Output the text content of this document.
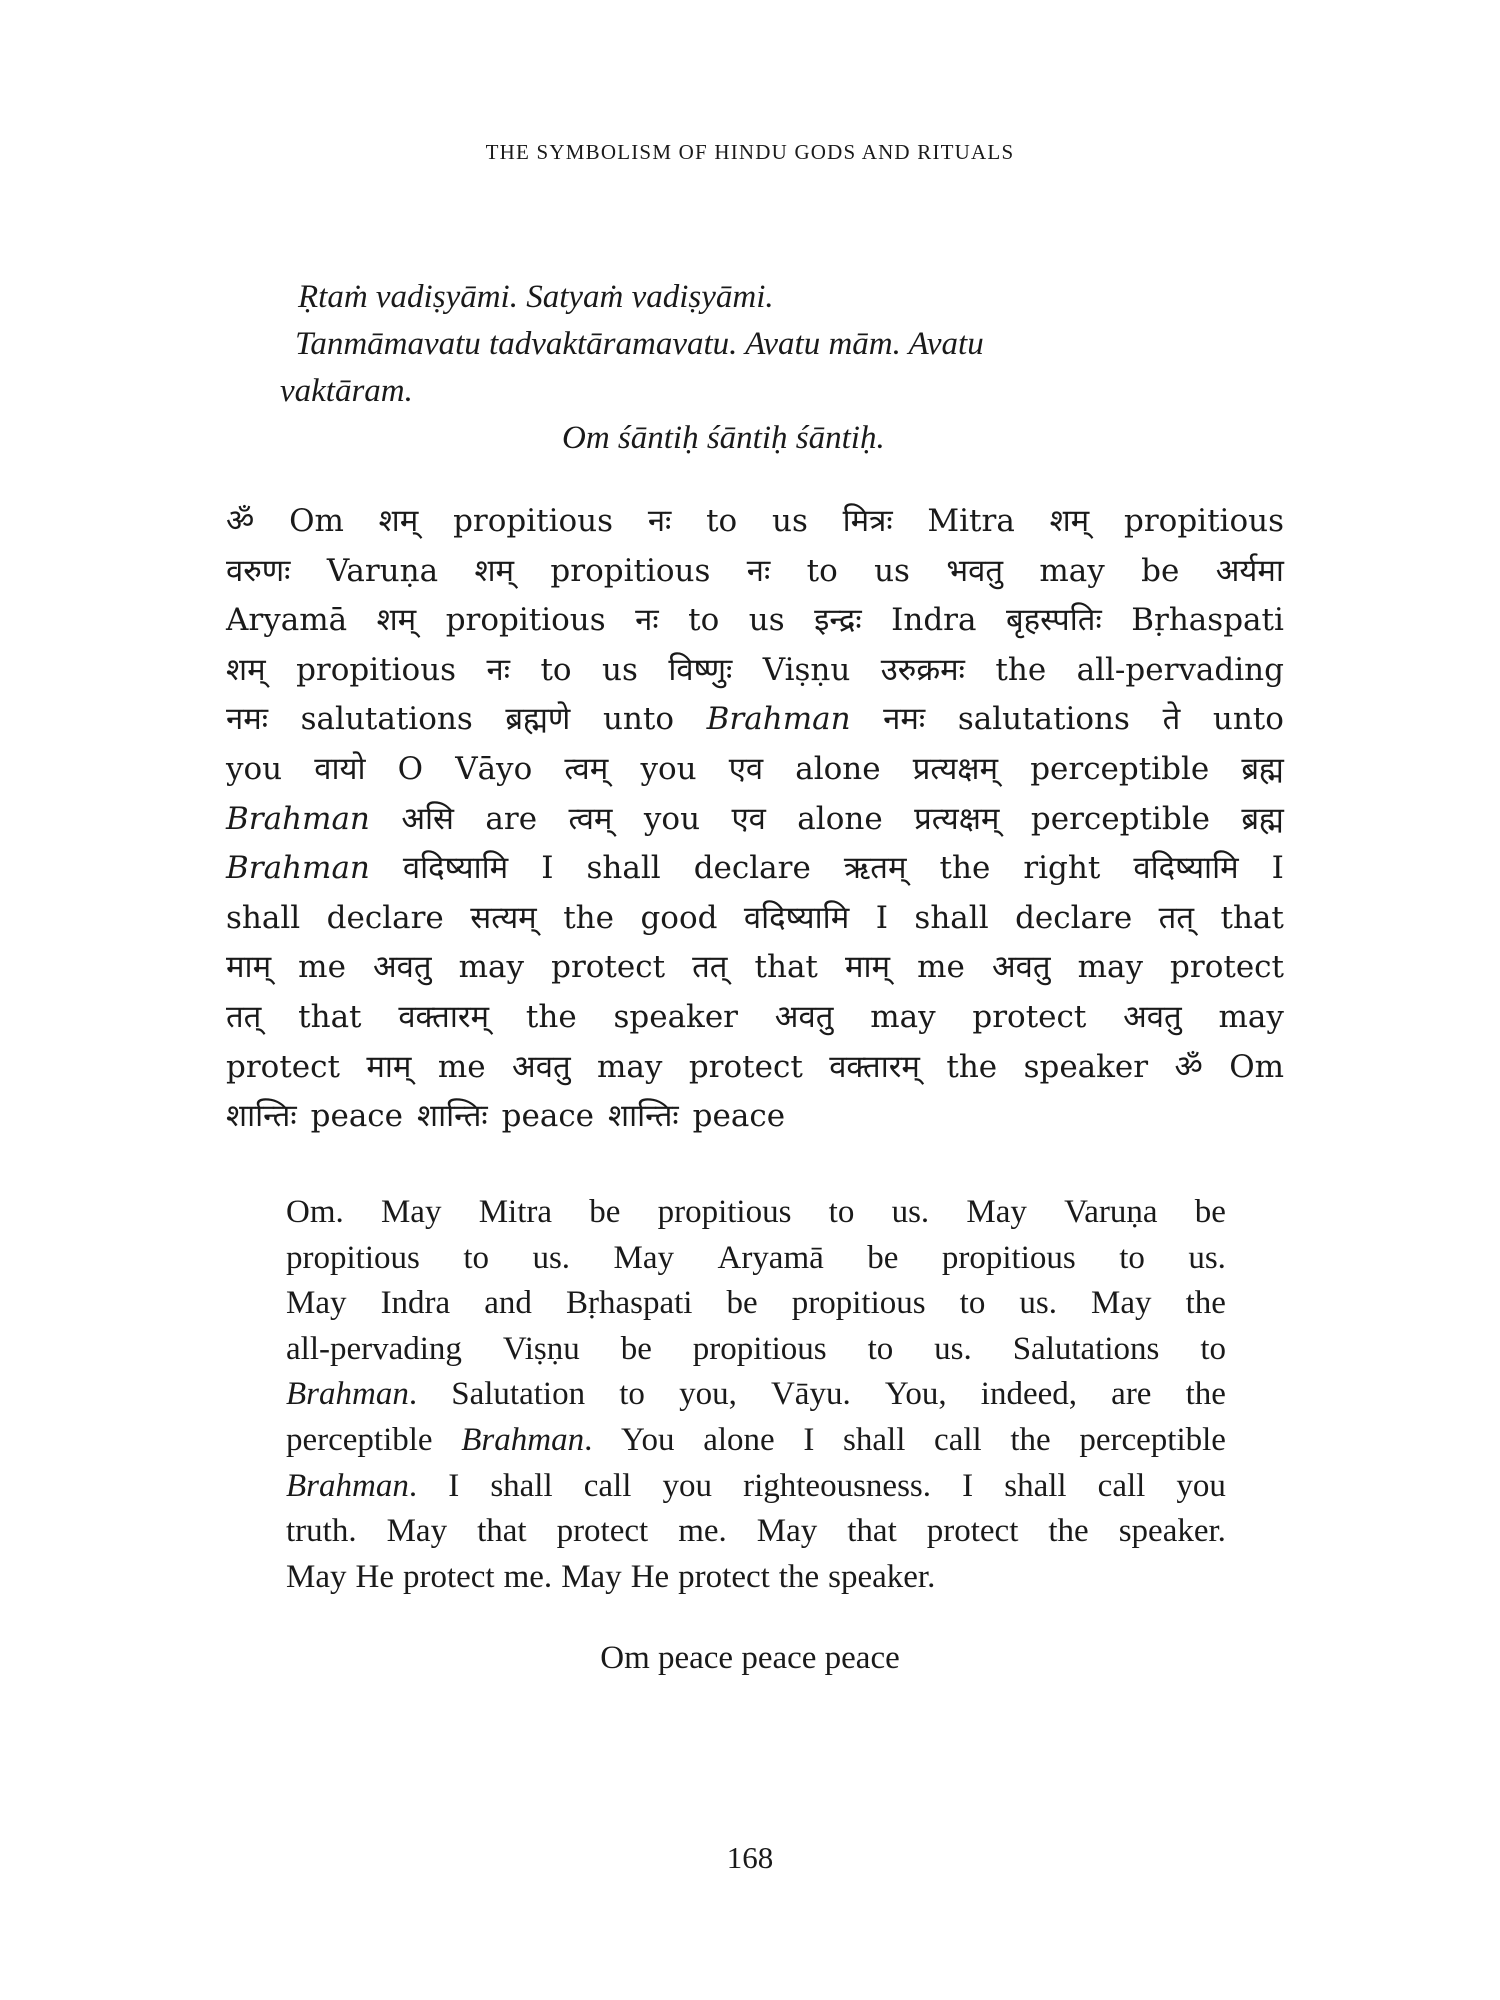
THE SYMBOLISM OF HINDU GODS AND RITUALS
Ṛtaṁ vadiṣyāmi. Satyaṁ vadiṣyāmi.
Tanmāmavatu tadvaktāramavatu. Avatu mām. Avatu
vaktāram.
Om śāntiḥ śāntiḥ śāntiḥ.
ॐ Om शम् propitious नः to us मित्रः Mitra शम् propitious
वरुणः Varuṇa शम् propitious नः to us भवतु may be अर्यमा
Aryamā शम् propitious नः to us इन्द्रः Indra बृहस्पतिः Bṛhaspati
शम् propitious नः to us विष्णुः Viṣṇu उरुक्रमः the all-pervading
नमः salutations ब्रह्मणे unto Brahman नमः salutations ते unto
you वायो O Vāyo त्वम् you एव alone प्रत्यक्षम् perceptible ब्रह्म
Brahman असि are त्वम् you एव alone प्रत्यक्षम् perceptible ब्रह्म
Brahman वदिष्यामि I shall declare ऋतम् the right वदिष्यामि I
shall declare सत्यम् the good वदिष्यामि I shall declare तत् that
माम् me अवतु may protect तत् that माम् me अवतु may protect
तत् that वक्तारम् the speaker अवतु may protect अवतु may
protect माम् me अवतु may protect वक्तारम् the speaker ॐ Om
शान्तिः peace शान्तिः peace शान्तिः peace
Om. May Mitra be propitious to us. May Varuṇa be
propitious to us. May Aryamā be propitious to us.
May Indra and Bṛhaspati be propitious to us. May the
all-pervading Viṣṇu be propitious to us. Salutations to
Brahman. Salutation to you, Vāyu. You, indeed, are the
perceptible Brahman. You alone I shall call the perceptible
Brahman. I shall call you righteousness. I shall call you
truth. May that protect me. May that protect the speaker.
May He protect me. May He protect the speaker.
Om peace peace peace
168
